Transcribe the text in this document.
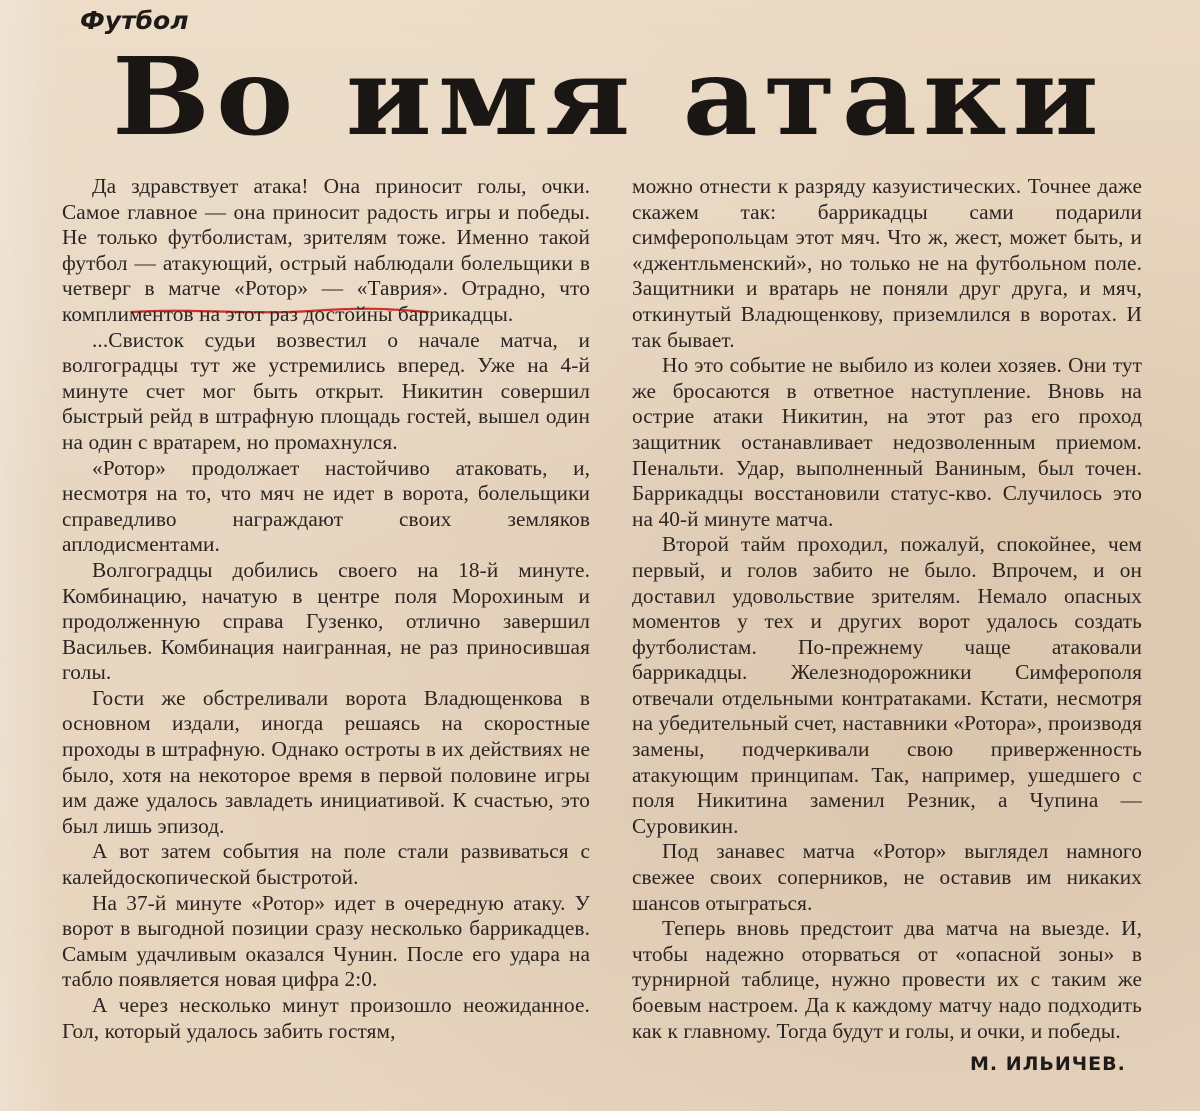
Футбол
Во имя атаки

Да здравствует атака! Она приносит голы, очки. Самое главное — она приносит радость игры и победы. Не только футболистам, зрителям тоже. Именно такой футбол — атакующий, острый наблюдали болельщики в четверг в матче «Ротор» — «Таврия». Отрадно, что комплиментов на этот раз достойны баррикадцы.

...Свисток судьи возвестил о начале матча, и волгоградцы тут же устремились вперед. Уже на 4-й минуте счет мог быть открыт. Никитин совершил быстрый рейд в штрафную площадь гостей, вышел один на один с вратарем, но промахнулся.

«Ротор» продолжает настойчиво атаковать, и, несмотря на то, что мяч не идет в ворота, болельщики справедливо награждают своих земляков аплодисментами.

Волгоградцы добились своего на 18-й минуте. Комбинацию, начатую в центре поля Морохиным и продолженную справа Гузенко, отлично завершил Васильев. Комбинация наигранная, не раз приносившая голы.

Гости же обстреливали ворота Владющенкова в основном издали, иногда решаясь на скоростные проходы в штрафную. Однако остроты в их действиях не было, хотя на некоторое время в первой половине игры им даже удалось завладеть инициативой. К счастью, это был лишь эпизод.

А вот затем события на поле стали развиваться с калейдоскопической быстротой.

На 37-й минуте «Ротор» идет в очередную атаку. У ворот в выгодной позиции сразу несколько баррикадцев. Самым удачливым оказался Чунин. После его удара на табло появляется новая цифра 2:0.

А через несколько минут произошло неожиданное. Гол, который удалось забить гостям,

можно отнести к разряду казуистических. Точнее даже скажем так: баррикадцы сами подарили симферопольцам этот мяч. Что ж, жест, может быть, и «джентльменский», но только не на футбольном поле. Защитники и вратарь не поняли друг друга, и мяч, откинутый Владющенкову, приземлился в воротах. И так бывает.

Но это событие не выбило из колеи хозяев. Они тут же бросаются в ответное наступление. Вновь на острие атаки Никитин, на этот раз его проход защитник останавливает недозволенным приемом. Пенальти. Удар, выполненный Ваниным, был точен. Баррикадцы восстановили статус-кво. Случилось это на 40-й минуте матча.

Второй тайм проходил, пожалуй, спокойнее, чем первый, и голов забито не было. Впрочем, и он доставил удовольствие зрителям. Немало опасных моментов у тех и других ворот удалось создать футболистам. По-прежнему чаще атаковали баррикадцы. Железнодорожники Симферополя отвечали отдельными контратаками. Кстати, несмотря на убедительный счет, наставники «Ротора», производя замены, подчеркивали свою приверженность атакующим принципам. Так, например, ушедшего с поля Никитина заменил Резник, а Чупина — Суровикин.

Под занавес матча «Ротор» выглядел намного свежее своих соперников, не оставив им никаких шансов отыграться.

Теперь вновь предстоит два матча на выезде. И, чтобы надежно оторваться от «опасной зоны» в турнирной таблице, нужно провести их с таким же боевым настроем. Да к каждому матчу надо подходить как к главному. Тогда будут и голы, и очки, и победы.

М. ИЛЬИЧЕВ.
